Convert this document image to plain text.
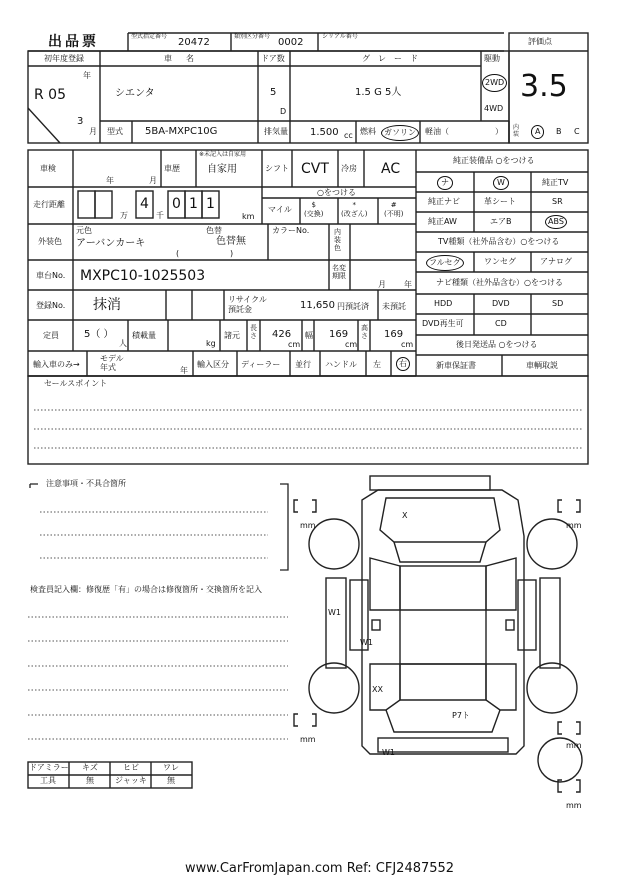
出品票	型式指定番号
20472
類別区分番号
0002
シリアル番号
評価点
3.5
初年度登録
年
R 05
3
月
車名
シエンタ
ドア数
5
D
グレード
1.5 G 5人
駆動
2WD
4WD
型式 5BA-MXPC10G	排気量 1.500 cc 燃料	ガソリン	軽油（	） 内装	A	B C
車検
年	月
車歴
※未記入は自家用
自家用	シフト CVT 冷房 AC
走行距離
万
4
千
0 1 1
km
○をつける
マイル	$
(交換)
*
(改ざん)
#
(不明)
外装色
元色
アーバンカーキ
色替
色替無
(                    )
カラーNo.	内装色
車台No. MXPC10-1025503	名変期限
月 年
登録No. 抹消	リサイクル預託金	11,650 円預託済 未預託
定員	5（ ）
人
積載量
kg
諸元
長さ 426
cm
幅 169
cm
高さ 169
cm
輸入車のみ→
モデル年式	年
輸入区分 ディーラー 並行 ハンドル 左	右
セールスポイント
純正装備品 ○をつける
ナ	W	純正TV
純正ナビ	革シート	SR
純正AW	エアB	ABS
TV種類（社外品含む）○をつける
フルセグ	ワンセグ	アナログ
ナビ種類（社外品含む）○をつける
HDD	DVD	SD
DVD再生可	CD
後日発送品 ○をつける
新車保証書	車輌取説
注意事項・不具合箇所
検査員記入欄：修復歴「有」の場合は修復箇所・交換箇所を記入
X
W1
W1
XX
P7ト
W1
mm	mm
mm
mm
mm
ドアミラー キズ	ヒビ	ワレ
工具	無	ジャッキ	無
www.CarFromJapan.com Ref: CFJ2487552
